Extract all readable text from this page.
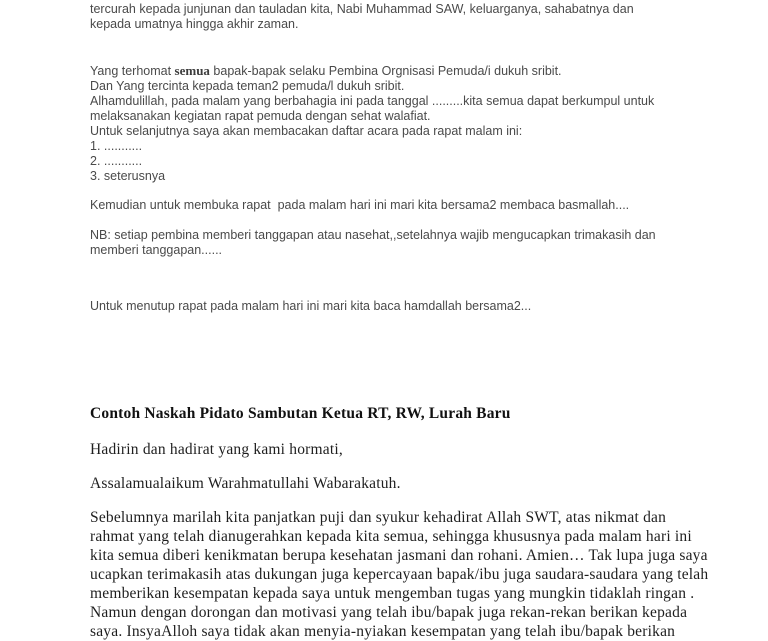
tercurah kepada junjunan dan tauladan kita, Nabi Muhammad SAW, keluarganya, sahabatnya dan
kepada umatnya hingga akhir zaman.
Yang terhomat semua bapak-bapak selaku Pembina Orgnisasi Pemuda/i dukuh sribit.
Dan Yang tercinta kepada teman2 pemuda/l dukuh sribit.
Alhamdulillah, pada malam yang berbahagia ini pada tanggal .........kita semua dapat berkumpul untuk
melaksanakan kegiatan rapat pemuda dengan sehat walafiat.
Untuk selanjutnya saya akan membacakan daftar acara pada rapat malam ini:
1. ...........
2. ...........
3. seterusnya
Kemudian untuk membuka rapat  pada malam hari ini mari kita bersama2 membaca basmallah....
NB: setiap pembina memberi tanggapan atau nasehat,,setelahnya wajib mengucapkan trimakasih dan
memberi tanggapan......
Untuk menutup rapat pada malam hari ini mari kita baca hamdallah bersama2...
Contoh Naskah Pidato Sambutan Ketua RT, RW, Lurah Baru
Hadirin dan hadirat yang kami hormati,
Assalamualaikum Warahmatullahi Wabarakatuh.
Sebelumnya marilah kita panjatkan puji dan syukur kehadirat Allah SWT, atas nikmat dan
rahmat yang telah dianugerahkan kepada kita semua, sehingga khususnya pada malam hari ini
kita semua diberi kenikmatan berupa kesehatan jasmani dan rohani. Amien… Tak lupa juga saya
ucapkan terimakasih atas dukungan juga kepercayaan bapak/ibu juga saudara-saudara yang telah
memberikan kesempatan kepada saya untuk mengemban tugas yang mungkin tidaklah ringan .
Namun dengan dorongan dan motivasi yang telah ibu/bapak juga rekan-rekan berikan kepada
saya. InsyaAlloh saya tidak akan menyia-nyiakan kesempatan yang telah ibu/bapak berikan
